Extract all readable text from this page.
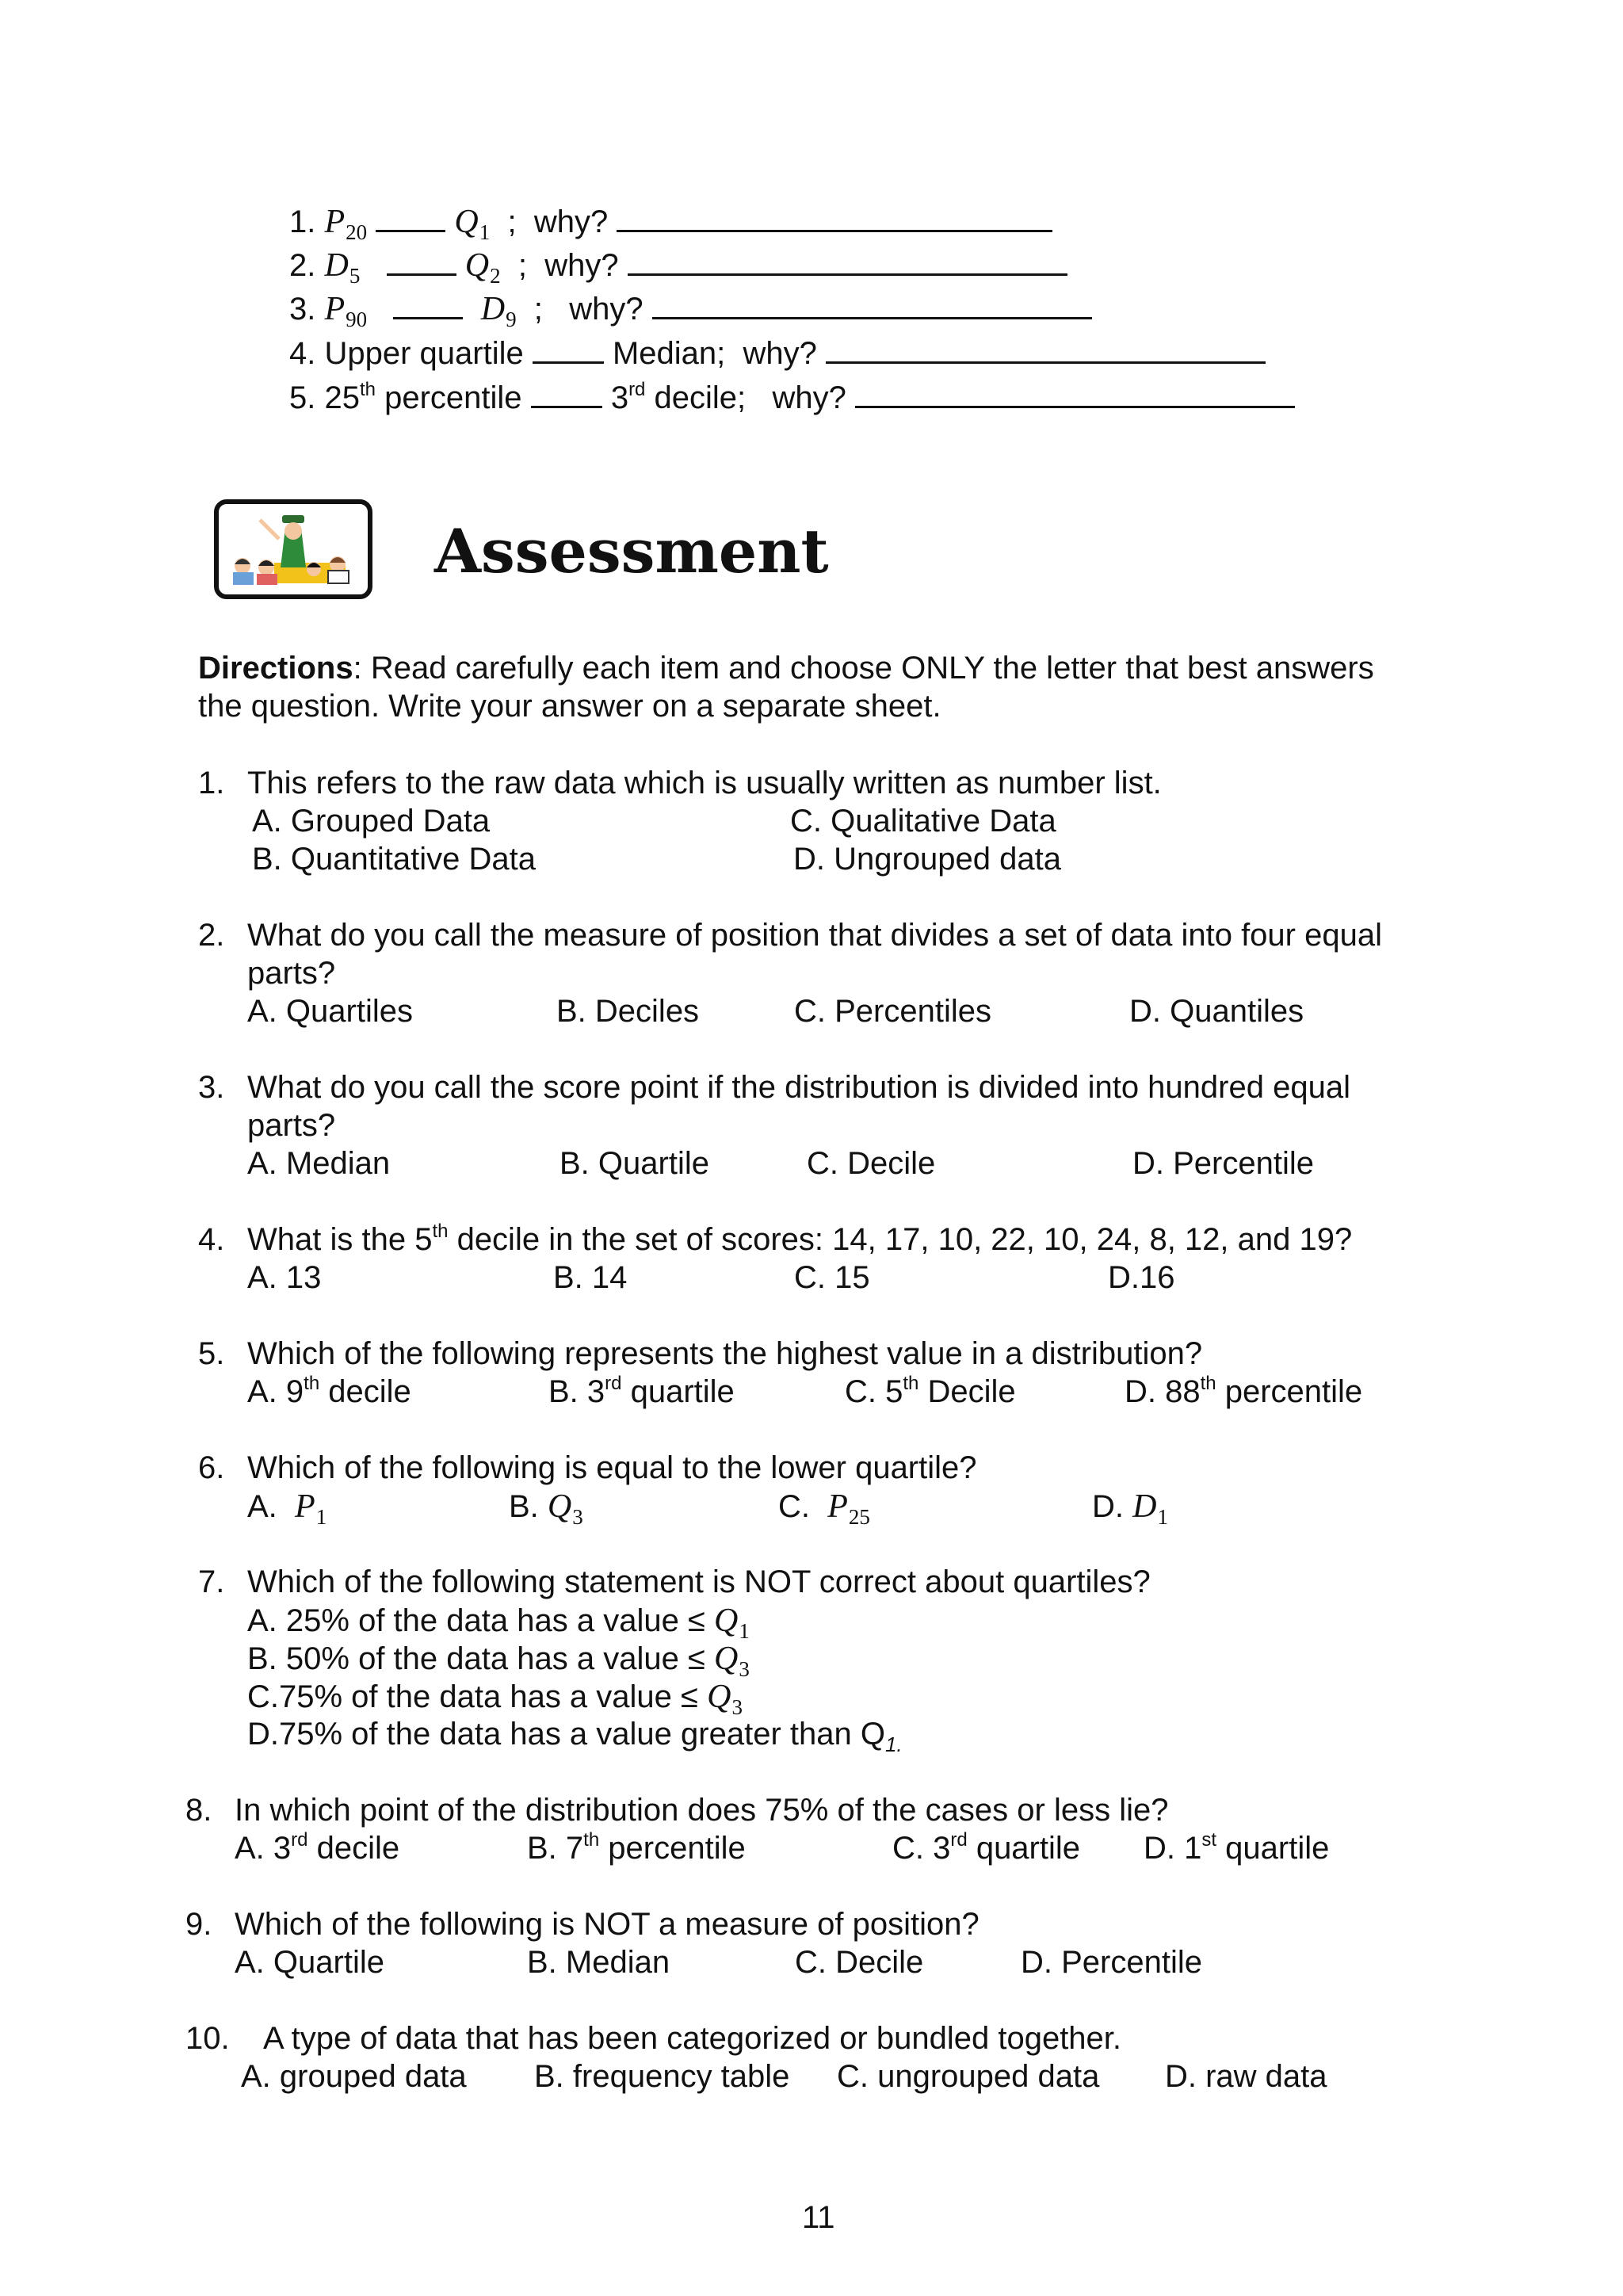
1. $P_{20}$	$Q_1$  ;  why?
2. $D_5$	$Q_2$  ;  why?
3. $P_{90}$	$D_9$  ;   why?
4. Upper quartile	Median; why?
5. 25th percentile	3rd decile; why?
Assessment
Directions: Read carefully each item and choose ONLY the letter that best answers
the question. Write your answer on a separate sheet.
1. This refers to the raw data which is usually written as number list.
A. Grouped Data	C. Qualitative Data
B. Quantitative Data	D. Ungrouped data
2. What do you call the measure of position that divides a set of data into four equal
parts?
A. Quartiles	B. Deciles	C. Percentiles	D. Quantiles
3. What do you call the score point if the distribution is divided into hundred equal
parts?
A. Median	B. Quartile	C. Decile	D. Percentile
4. What is the 5th decile in the set of scores: 14, 17, 10, 22, 10, 24, 8, 12, and 19?
A. 13	B. 14	C. 15	D.16
5. Which of the following represents the highest value in a distribution?
A. 9th decile	B. 3rd quartile	C. 5th Decile	D. 88th percentile
6. Which of the following is equal to the lower quartile?
A. $P_1$	B. $Q_3$	C. $P_{25}$	D. $D_1$
7. Which of the following statement is NOT correct about quartiles?
A. 25% of the data has a value ≤ $Q_1$
B. 50% of the data has a value ≤ $Q_3$
C.75% of the data has a value ≤ $Q_3$
D.75% of the data has a value greater than $Q_{1.}$
8. In which point of the distribution does 75% of the cases or less lie?
A. 3rd decile	B. 7th percentile	C. 3rd quartile D. 1st quartile
9. Which of the following is NOT a measure of position?
A. Quartile	B. Median	C. Decile	D. Percentile
10. A type of data that has been categorized or bundled together.
A. grouped data B. frequency table C. ungrouped data D. raw data
11
